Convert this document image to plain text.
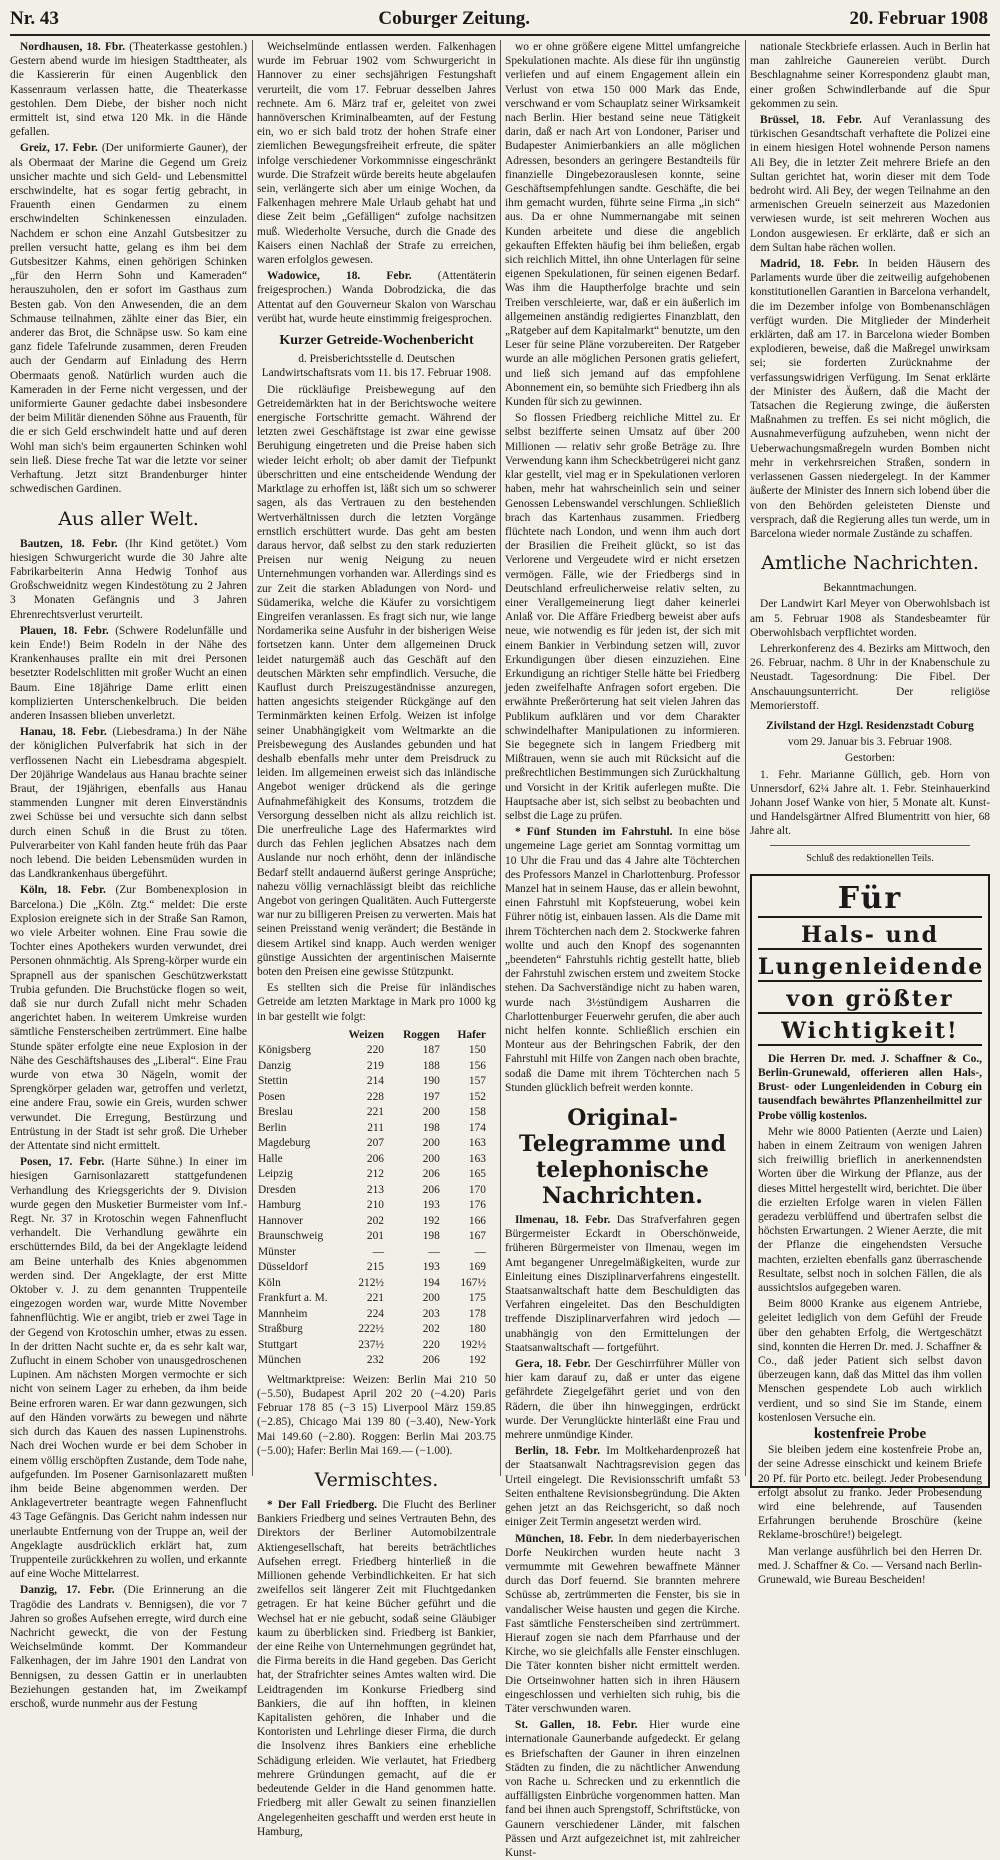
Nr. 43	Coburger Zeitung.	20. Februar 1908

Nordhausen, 18. Fbr. (Theaterkasse gestohlen.) Gestern abend wurde im hiesigen Stadttheater, als die Kassiererin für einen Augenblick den Kassenraum verlassen hatte, die Theaterkasse gestohlen. Dem Diebe, der bisher noch nicht ermittelt ist, sind etwa 120 Mk. in die Hände gefallen.

Greiz, 17. Febr. (Der uniformierte Gauner), der als Obermaat der Marine die Gegend um Greiz unsicher machte und sich Geld- und Lebensmittel erschwindelte, hat es sogar fertig gebracht, in Frauenth einen Gendarmen zu einem erschwindelten Schinkenessen einzuladen. Nachdem er schon eine Anzahl Gutsbesitzer zu prellen versucht hatte, gelang es ihm bei dem Gutsbesitzer Kahms, einen gehörigen Schinken „für den Herrn Sohn und Kameraden“ herauszuholen, den er sofort im Gasthaus zum Besten gab. Von den Anwesenden, die an dem Schmause teilnahmen, zählte einer das Bier, ein anderer das Brot, die Schnäpse usw. So kam eine ganz fidele Tafelrunde zusammen, deren Freuden auch der Gendarm auf Einladung des Herrn Obermaats genoß. Natürlich wurden auch die Kameraden in der Ferne nicht vergessen, und der uniformierte Gauner gedachte dabei insbesondere der beim Militär dienenden Söhne aus Frauenth, für die er sich Geld erschwindelt hatte und auf deren Wohl man sich's beim ergaunerten Schinken wohl sein ließ. Diese freche Tat war die letzte vor seiner Verhaftung. Jetzt sitzt Brandenburger hinter schwedischen Gardinen.

Aus aller Welt.

Bautzen, 18. Febr. (Ihr Kind getötet.) Vom hiesigen Schwurgericht wurde die 30 Jahre alte Fabrikarbeiterin Anna Hedwig Tonhof aus Großschweidnitz wegen Kindestötung zu 2 Jahren 3 Monaten Gefängnis und 3 Jahren Ehrenrechtsverlust verurteilt.

Plauen, 18. Febr. (Schwere Rodelunfälle und kein Ende!) Beim Rodeln in der Nähe des Krankenhauses prallte ein mit drei Personen besetzter Rodelschlitten mit großer Wucht an einen Baum. Eine 18jährige Dame erlitt einen komplizierten Unterschenkelbruch. Die beiden anderen Insassen blieben unverletzt.

Hanau, 18. Febr. (Liebesdrama.) In der Nähe der königlichen Pulverfabrik hat sich in der verflossenen Nacht ein Liebesdrama abgespielt. Der 20jährige Wandelaus aus Hanau brachte seiner Braut, der 19jährigen, ebenfalls aus Hanau stammenden Lungner mit deren Einverständnis zwei Schüsse bei und versuchte sich dann selbst durch einen Schuß in die Brust zu töten. Pulverarbeiter von Kahl fanden heute früh das Paar noch lebend. Die beiden Lebensmüden wurden in das Landkrankenhaus übergeführt.

Köln, 18. Febr. (Zur Bombenexplosion in Barcelona.) Die „Köln. Ztg.“ meldet: Die erste Explosion ereignete sich in der Straße San Ramon, wo viele Arbeiter wohnen. Eine Frau sowie die Tochter eines Apothekers wurden verwundet, drei Personen ohnmächtig. Als Spreng-körper wurde ein Sprapnell aus der spanischen Geschützwerkstatt Trubia gefunden. Die Bruchstücke flogen so weit, daß sie nur durch Zufall nicht mehr Schaden angerichtet haben. In weiterem Umkreise wurden sämtliche Fensterscheiben zertrümmert. Eine halbe Stunde später erfolgte eine neue Explosion in der Nähe des Geschäftshauses des „Liberal“. Eine Frau wurde von etwa 30 Nägeln, womit der Sprengkörper geladen war, getroffen und verletzt, eine andere Frau, sowie ein Greis, wurden schwer verwundet. Die Erregung, Bestürzung und Entrüstung in der Stadt ist sehr groß. Die Urheber der Attentate sind nicht ermittelt.

Posen, 17. Febr. (Harte Sühne.) In einer im hiesigen Garnisonlazarett stattgefundenen Verhandlung des Kriegsgerichts der 9. Division wurde gegen den Musketier Burmeister vom Inf.-Regt. Nr. 37 in Krotoschin wegen Fahnenflucht verhandelt. Die Verhandlung gewährte ein erschütterndes Bild, da bei der Angeklagte leidend am Beine unterhalb des Knies abgenommen werden sind. Der Angeklagte, der erst Mitte Oktober v. J. zu dem genannten Truppenteile eingezogen worden war, wurde Mitte November fahnenflüchtig. Wie er angibt, trieb er zwei Tage in der Gegend von Krotoschin umher, etwas zu essen. In der dritten Nacht suchte er, da es sehr kalt war, Zuflucht in einem Schober von unausgedroschenen Lupinen. Am nächsten Morgen vermochte er sich nicht von seinem Lager zu erheben, da ihm beide Beine erfroren waren. Er war dann gezwungen, sich auf den Händen vorwärts zu bewegen und nährte sich durch das Kauen des nassen Lupinenstrohs. Nach drei Wochen wurde er bei dem Schober in einem völlig erschöpften Zustande, dem Tode nahe, aufgefunden. Im Posener Garnisonlazarett mußten ihm beide Beine abgenommen werden. Der Anklagevertreter beantragte wegen Fahnenflucht 43 Tage Gefängnis. Das Gericht nahm indessen nur unerlaubte Entfernung von der Truppe an, weil der Angeklagte ausdrücklich erklärt hat, zum Truppenteile zurückkehren zu wollen, und erkannte auf eine Woche Mittelarrest.

Danzig, 17. Febr. (Die Erinnerung an die Tragödie des Landrats v. Bennigsen), die vor 7 Jahren so großes Aufsehen erregte, wird durch eine Nachricht geweckt, die von der Festung Weichselmünde kommt. Der Kommandeur Falkenhagen, der im Jahre 1901 den Landrat von Bennigsen, zu dessen Gattin er in unerlaubten Beziehungen gestanden hat, im Zweikampf erschoß, wurde nunmehr aus der Festung

Weichselmünde entlassen werden. Falkenhagen wurde im Februar 1902 vom Schwurgericht in Hannover zu einer sechsjährigen Festungshaft verurteilt, die vom 17. Februar desselben Jahres rechnete. Am 6. März traf er, geleitet von zwei hannöverschen Kriminalbeamten, auf der Festung ein, wo er sich bald trotz der hohen Strafe einer ziemlichen Bewegungsfreiheit erfreute, die später infolge verschiedener Vorkommnisse eingeschränkt wurde. Die Strafzeit würde bereits heute abgelaufen sein, verlängerte sich aber um einige Wochen, da Falkenhagen mehrere Male Urlaub gehabt hat und diese Zeit beim „Gefälligen“ zufolge nachsitzen muß. Wiederholte Versuche, durch die Gnade des Kaisers einen Nachlaß der Strafe zu erreichen, waren erfolglos gewesen.

Wadowice, 18. Febr. (Attentäterin freigesprochen.) Wanda Dobrodzicka, die das Attentat auf den Gouverneur Skalon von Warschau verübt hat, wurde heute einstimmig freigesprochen.

Kurzer Getreide-Wochenbericht

d. Preisberichtsstelle d. Deutschen Landwirtschaftsrats vom 11. bis 17. Februar 1908.

Die rückläufige Preisbewegung auf den Getreidemärkten hat in der Berichtswoche weitere energische Fortschritte gemacht. Während der letzten zwei Geschäftstage ist zwar eine gewisse Beruhigung eingetreten und die Preise haben sich wieder leicht erholt; ob aber damit der Tiefpunkt überschritten und eine entscheidende Wendung der Marktlage zu erhoffen ist, läßt sich um so schwerer sagen, als das Vertrauen zu den bestehenden Wertverhältnissen durch die letzten Vorgänge ernstlich erschüttert wurde. Das geht am besten daraus hervor, daß selbst zu den stark reduzierten Preisen nur wenig Neigung zu neuen Unternehmungen vorhanden war. Allerdings sind es zur Zeit die starken Abladungen von Nord- und Südamerika, welche die Käufer zu vorsichtigem Eingreifen veranlassen. Es fragt sich nur, wie lange Nordamerika seine Ausfuhr in der bisherigen Weise fortsetzen kann. Unter dem allgemeinen Druck leidet naturgemäß auch das Geschäft auf den deutschen Märkten sehr empfindlich. Versuche, die Kauflust durch Preiszugeständnisse anzuregen, hatten angesichts steigender Rückgänge auf den Terminmärkten keinen Erfolg. Weizen ist infolge seiner Unabhängigkeit vom Weltmarkte an die Preisbewegung des Auslandes gebunden und hat deshalb ebenfalls mehr unter dem Preisdruck zu leiden. Im allgemeinen erweist sich das inländische Angebot weniger drückend als die geringe Aufnahmefähigkeit des Konsums, trotzdem die Versorgung desselben nicht als allzu reichlich ist. Die unerfreuliche Lage des Hafermarktes wird durch das Fehlen jeglichen Absatzes nach dem Auslande nur noch erhöht, denn der inländische Bedarf stellt andauernd äußerst geringe Ansprüche; nahezu völlig vernachlässigt bleibt das reichliche Angebot von geringen Qualitäten. Auch Futtergerste war nur zu billigeren Preisen zu verwerten. Mais hat seinen Preisstand wenig verändert; die Bestände in diesem Artikel sind knapp. Auch werden weniger günstige Aussichten der argentinischen Maisernte boten den Preisen eine gewisse Stützpunkt.

Es stellten sich die Preise für inländisches Getreide am letzten Marktage in Mark pro 1000 kg in bar gestellt wie folgt:

	Weizen	Roggen	Hafer
Königsberg	220	187	150
Danzig	219	188	156
Stettin	214	190	157
Posen	228	197	152
Breslau	221	200	158
Berlin	211	198	174
Magdeburg	207	200	163
Halle	206	200	163
Leipzig	212	206	165
Dresden	213	206	170
Hamburg	210	193	176
Hannover	202	192	166
Braunschweig	201	198	167
Münster	—	—	—
Düsseldorf	215	193	169
Köln	212½	194	167½
Frankfurt a. M.	221	200	175
Mannheim	224	203	178
Straßburg	222½	202	180
Stuttgart	237½	220	192½
München	232	206	192

Weltmarktpreise: Weizen: Berlin Mai 210 50 (−5.50), Budapest April 202 20 (−4.20) Paris Februar 178 85 (−3 15) Liverpool März 159.85 (−2.85), Chicago Mai 139 80 (−3.40), New-York Mai 149.60 (−2.80). Roggen: Berlin Mai 203.75 (−5.00); Hafer: Berlin Mai 169.— (−1.00).

Vermischtes.

* Der Fall Friedberg. Die Flucht des Berliner Bankiers Friedberg und seines Vertrauten Behn, des Direktors der Berliner Automobilzentrale Aktiengesellschaft, hat bereits beträchtliches Aufsehen erregt. Friedberg hinterließ in die Millionen gehende Verbindlichkeiten. Er hat sich zweifellos seit längerer Zeit mit Fluchtgedanken getragen. Er hat keine Bücher geführt und die Wechsel hat er nie gebucht, sodaß seine Gläubiger kaum zu überblicken sind. Friedberg ist Bankier, der eine Reihe von Unternehmungen gegründet hat, die Firma bereits in die Hand gegeben. Das Gericht hat, der Strafrichter seines Amtes walten wird. Die Leidtragenden im Konkurse Friedberg sind Bankiers, die auf ihn hofften, in kleinen Kapitalisten gehören, die Inhaber und die Kontoristen und Lehrlinge dieser Firma, die durch die Insolvenz ihres Bankiers eine erhebliche Schädigung erleiden. Wie verlautet, hat Friedberg mehrere Gründungen gemacht, auf die er bedeutende Gelder in die Hand genommen hatte. Friedberg mit aller Gewalt zu seinen finanziellen Angelegenheiten geschafft und werden erst heute in Hamburg,

wo er ohne größere eigene Mittel umfangreiche Spekulationen machte. Als diese für ihn ungünstig verliefen und auf einem Engagement allein ein Verlust von etwa 150 000 Mark das Ende, verschwand er vom Schauplatz seiner Wirksamkeit nach Berlin. Hier bestand seine neue Tätigkeit darin, daß er nach Art von Londoner, Pariser und Budapester Animierbankiers an alle möglichen Adressen, besonders an geringere Bestandteils für finanzielle Dingebezorauslesen konnte, seine Geschäftsempfehlungen sandte. Geschäfte, die bei ihm gemacht wurden, führte seine Firma „in sich“ aus. Da er ohne Nummernangabe mit seinen Kunden arbeitete und diese die angeblich gekauften Effekten häufig bei ihm beließen, ergab sich reichlich Mittel, ihn ohne Unterlagen für seine eigenen Spekulationen, für seinen eigenen Bedarf. Was ihm die Hauptherfolge brachte und sein Treiben verschleierte, war, daß er ein äußerlich im allgemeinen anständig redigiertes Finanzblatt, den „Ratgeber auf dem Kapitalmarkt“ benutzte, um den Leser für seine Pläne vorzubereiten. Der Ratgeber wurde an alle möglichen Personen gratis geliefert, und ließ sich jemand auf das empfohlene Abonnement ein, so bemühte sich Friedberg ihn als Kunden für sich zu gewinnen.

So flossen Friedberg reichliche Mittel zu. Er selbst bezifferte seinen Umsatz auf über 200 Millionen — relativ sehr große Beträge zu. Ihre Verwendung kann ihm Scheckbetrügerei nicht ganz klar gestellt, viel mag er in Spekulationen verloren haben, mehr hat wahrscheinlich sein und seiner Genossen Lebenswandel verschlungen. Schließlich brach das Kartenhaus zusammen. Friedberg flüchtete nach London, und wenn ihm auch dort der Brasilien die Freiheit glückt, so ist das Verlorene und Vergeudete wird er nicht ersetzen vermögen. Fälle, wie der Friedbergs sind in Deutschland erfreulicherweise relativ selten, zu einer Verallgemeinerung liegt daher keinerlei Anlaß vor. Die Affäre Friedberg beweist aber aufs neue, wie notwendig es für jeden ist, der sich mit einem Bankier in Verbindung setzen will, zuvor Erkundigungen über diesen einzuziehen. Eine Erkundigung an richtiger Stelle hätte bei Friedberg jeden zweifelhafte Anfragen sofort ergeben. Die erwähnte Preßerörterung hat seit vielen Jahren das Publikum aufklären und vor dem Charakter schwindelhafter Manipulationen zu informieren. Sie begegnete sich in langem Friedberg mit Mißtrauen, wenn sie auch mit Rücksicht auf die preßrechtlichen Bestimmungen sich Zurückhaltung und Vorsicht in der Kritik auferlegen mußte. Die Hauptsache aber ist, sich selbst zu beobachten und selbst die Lage zu prüfen.

* Fünf Stunden im Fahrstuhl. In eine böse ungemeine Lage geriet am Sonntag vormittag um 10 Uhr die Frau und das 4 Jahre alte Töchterchen des Professors Manzel in Charlottenburg. Professor Manzel hat in seinem Hause, das er allein bewohnt, einen Fahrstuhl mit Kopfsteuerung, wobei kein Führer nötig ist, einbauen lassen. Als die Dame mit ihrem Töchterchen nach dem 2. Stockwerke fahren wollte und auch den Knopf des sogenannten „beendeten“ Fahrstuhls richtig gestellt hatte, blieb der Fahrstuhl zwischen erstem und zweitem Stocke stehen. Da Sachverständige nicht zu haben waren, wurde nach 3½stündigem Ausharren die Charlottenburger Feuerwehr gerufen, die aber auch nicht helfen konnte. Schließlich erschien ein Monteur aus der Behringschen Fabrik, der den Fahrstuhl mit Hilfe von Zangen nach oben brachte, sodaß die Dame mit ihrem Töchterchen nach 5 Stunden glücklich befreit werden konnte.

Original-Telegramme und telephonische Nachrichten.

Ilmenau, 18. Febr. Das Strafverfahren gegen Bürgermeister Eckardt in Oberschönweide, früheren Bürgermeister von Ilmenau, wegen im Amt begangener Unregelmäßigkeiten, wurde zur Einleitung eines Disziplinarverfahrens eingestellt. Staatsanwaltschaft hatte dem Beschuldigten das Verfahren eingeleitet. Das den Beschuldigten treffende Disziplinarverfahren wird jedoch — unabhängig von den Ermittelungen der Staatsanwaltschaft — fortgeführt.

Gera, 18. Febr. Der Geschirrführer Müller von hier kam darauf zu, daß er unter das eigene gefährdete Ziegelgefährt geriet und von den Rädern, die über ihn hinweggingen, erdrückt wurde. Der Verunglückte hinterläßt eine Frau und mehrere unmündige Kinder.

Berlin, 18. Febr. Im Moltkehardenprozeß hat der Staatsanwalt Nachtragsrevision gegen das Urteil eingelegt. Die Revisionsschrift umfaßt 53 Seiten enthaltene Revisionsbegründung. Die Akten gehen jetzt an das Reichsgericht, so daß noch einiger Zeit Termin angesetzt werden wird.

München, 18. Febr. In dem niederbayerischen Dorfe Neukirchen wurden heute nacht 3 vermummte mit Gewehren bewaffnete Männer durch das Dorf feuernd. Sie brannten mehrere Schüsse ab, zertrümmerten die Fenster, bis sie in vandalischer Weise hausten und gegen die Kirche. Fast sämtliche Fensterscheiben sind zertrümmert. Hierauf zogen sie nach dem Pfarrhause und der Kirche, wo sie gleichfalls alle Fenster einschlugen. Die Täter konnten bisher nicht ermittelt werden. Die Ortseinwohner hatten sich in ihren Häusern eingeschlossen und verhielten sich ruhig, bis die Täter verschwunden waren.

St. Gallen, 18. Febr. Hier wurde eine internationale Gaunerbande aufgedeckt. Er gelang es Briefschaften der Gauner in ihren einzelnen Städten zu finden, die zu nächtlicher Anwendung von Rache u. Schrecken und zu erkenntlich die auffälligsten Einbrüche vorgenommen hatten. Man fand bei ihnen auch Sprengstoff, Schriftstücke, von Gaunern verschiedener Länder, mit falschen Pässen und Arzt aufgezeichnet ist, mit zahlreicher Kunst-

nationale Steckbriefe erlassen. Auch in Berlin hat man zahlreiche Gaunereien verübt. Durch Beschlagnahme seiner Korrespondenz glaubt man, einer großen Schwindlerbande auf die Spur gekommen zu sein.

Brüssel, 18. Febr. Auf Veranlassung des türkischen Gesandtschaft verhaftete die Polizei eine in einem hiesigen Hotel wohnende Person namens Ali Bey, die in letzter Zeit mehrere Briefe an den Sultan gerichtet hat, worin dieser mit dem Tode bedroht wird. Ali Bey, der wegen Teilnahme an den armenischen Greueln seinerzeit aus Mazedonien verwiesen wurde, ist seit mehreren Wochen aus London ausgewiesen. Er erklärte, daß er sich an dem Sultan habe rächen wollen.

Madrid, 18. Febr. In beiden Häusern des Parlaments wurde über die zeitweilig aufgehobenen konstitutionellen Garantien in Barcelona verhandelt, die im Dezember infolge von Bombenanschlägen verfügt wurden. Die Mitglieder der Minderheit erklärten, daß am 17. in Barcelona wieder Bomben explodieren, beweise, daß die Maßregel unwirksam sei; sie forderten Zurücknahme der verfassungswidrigen Verfügung. Im Senat erklärte der Minister des Äußern, daß die Macht der Tatsachen die Regierung zwinge, die äußersten Maßnahmen zu treffen. Es sei nicht möglich, die Ausnahmeverfügung aufzuheben, wenn nicht der Ueberwachungsmaßregeln wurden Bomben nicht mehr in verkehrsreichen Straßen, sondern in verlassenen Gassen niedergelegt. In der Kammer äußerte der Minister des Innern sich lobend über die von den Behörden geleisteten Dienste und versprach, daß die Regierung alles tun werde, um in Barcelona wieder normale Zustände zu schaffen.

Amtliche Nachrichten.

Bekanntmachungen.

Der Landwirt Karl Meyer von Oberwohlsbach ist am 5. Februar 1908 als Standesbeamter für Oberwohlsbach verpflichtet worden.

Lehrerkonferenz des 4. Bezirks am Mittwoch, den 26. Februar, nachm. 8 Uhr in der Knabenschule zu Neustadt. Tagesordnung: Die Fibel. Der Anschauungsunterricht. Der religiöse Memorierstoff.

Zivilstand der Hzgl. Residenzstadt Coburg

vom 29. Januar bis 3. Februar 1908.

Gestorben:

1. Fehr. Marianne Güllich, geb. Horn von Unnersdorf, 62¼ Jahre alt. 1. Febr. Steinhauerkind Johann Josef Wanke von hier, 5 Monate alt. Kunst- und Handelsgärtner Alfred Blumentritt von hier, 68 Jahre alt.

Schluß des redaktionellen Teils.

Für
Hals- und
Lungenleidende
von größter
Wichtigkeit!

Die Herren Dr. med. J. Schaffner & Co., Berlin-Grunewald, offerieren allen Hals-, Brust- oder Lungenleidenden in Coburg ein tausendfach bewährtes Pflanzenheilmittel zur Probe völlig kostenlos.

Mehr wie 8000 Patienten (Aerzte und Laien) haben in einem Zeitraum von wenigen Jahren sich freiwillig brieflich in anerkennendsten Worten über die Wirkung der Pflanze, aus der dieses Mittel hergestellt wird, berichtet. Die über die erzielten Erfolge waren in vielen Fällen geradezu verblüffend und übertrafen selbst die höchsten Erwartungen. 2 Wiener Aerzte, die mit der Pflanze die eingehendsten Versuche machten, erzielten ebenfalls ganz überraschende Resultate, selbst noch in solchen Fällen, die als aussichtslos aufgegeben waren.

Beim 8000 Kranke aus eigenem Antriebe, geleitet lediglich von dem Gefühl der Freude über den gehabten Erfolg, die Wertgeschätzt sind, konnten die Herren Dr. med. J. Schaffner & Co., daß jeder Patient sich selbst davon überzeugen kann, daß das Mittel das ihm vollen Menschen gespendete Lob auch wirklich verdient, und so sind Sie im Stande, einem kostenlosen Versuche ein.

kostenfreie Probe

Sie bleiben jedem eine kostenfreie Probe an, der seine Adresse einschickt und keinem Briefe 20 Pf. für Porto etc. beilegt. Jeder Probesendung erfolgt absolut zu franko. Jeder Probesendung wird eine belehrende, auf Tausenden Erfahrungen beruhende Broschüre (keine Reklame-broschüre!) beigelegt.

Man verlange ausführlich bei den Herren Dr. med. J. Schaffner & Co. — Versand nach Berlin-Grunewald, wie Bureau Bescheiden!
